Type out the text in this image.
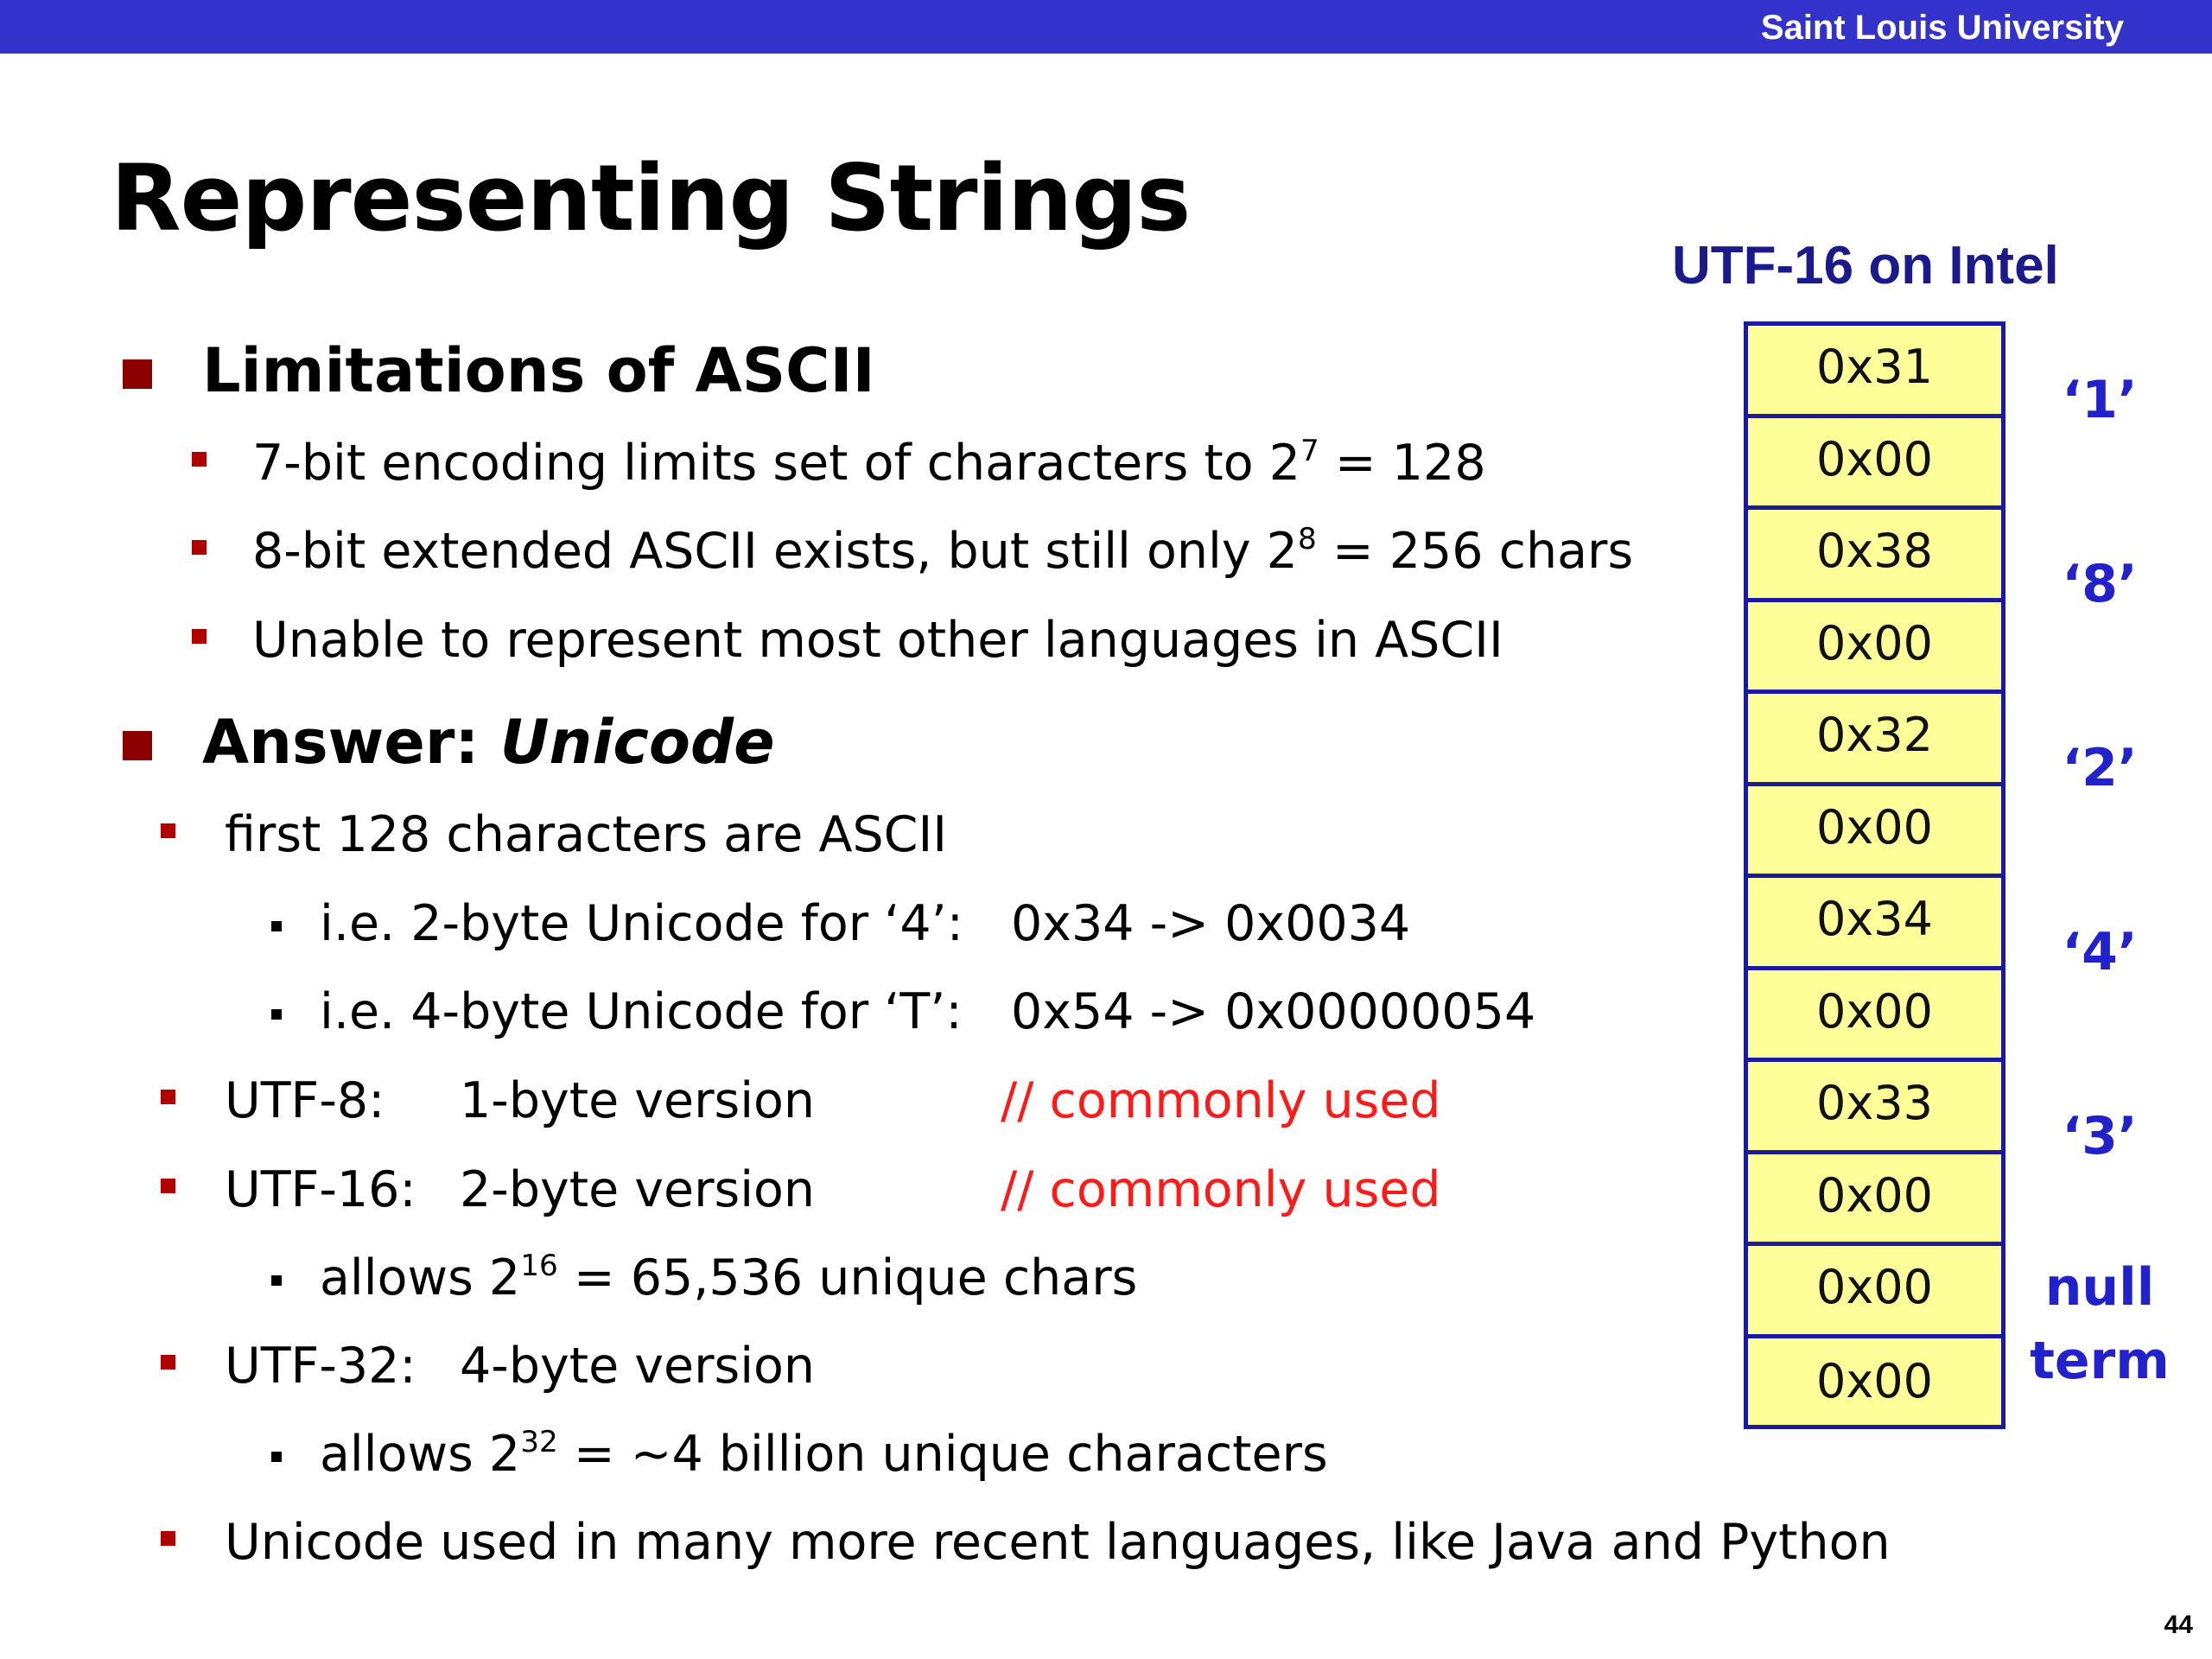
Saint Louis University
Representing Strings
Limitations of ASCII
7-bit encoding limits set of characters to $2^7 = 128$
8-bit extended ASCII exists, but still only $2^8 = 256$ chars
Unable to represent most other languages in ASCII
Answer: Unicode
first 128 characters are ASCII
i.e. 2-byte Unicode for ‘4’: 0x34 -> 0x0034
i.e. 4-byte Unicode for ‘T’: 0x54 -> 0x00000054
UTF-8: 1-byte version	// commonly used
UTF-16: 2-byte version	// commonly used
allows $2^{16} = 65,536$ unique chars
UTF-32: 4-byte version
allows $2^{32}$ = ~4 billion unique characters
Unicode used in many more recent languages, like Java and Python
UTF-16 on Intel
0x31
0x00
0x38
0x00
0x32
0x00
0x34
0x00
0x33
0x00
0x00
0x00
‘1’
‘8’
‘2’
‘4’
‘3’
null
term
44
